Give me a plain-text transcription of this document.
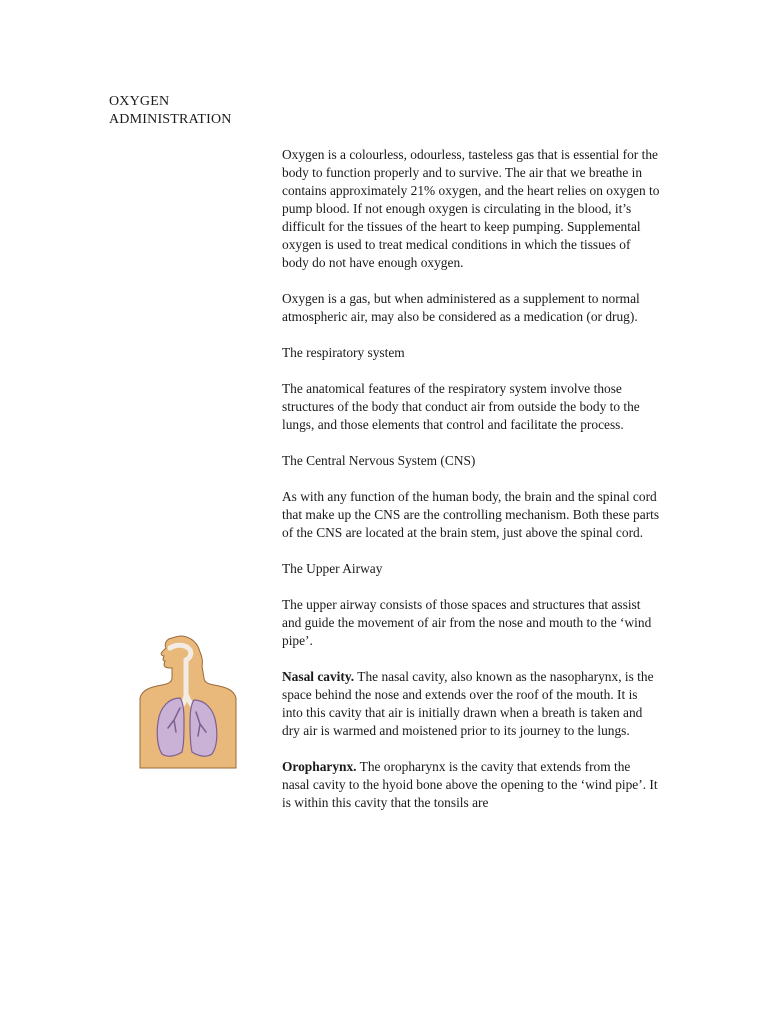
OXYGEN
ADMINISTRATION

Oxygen is a colourless, odourless, tasteless gas that is essential for the body to function properly and to survive. The air that we breathe in contains approximately 21% oxygen, and the heart relies on oxygen to pump blood. If not enough oxygen is circulating in the blood, it’s difficult for the tissues of the heart to keep pumping. Supplemental oxygen is used to treat medical conditions in which the tissues of body do not have enough oxygen.

Oxygen is a gas, but when administered as a supplement to normal atmospheric air, may also be considered as a medication (or drug).

The respiratory system

The anatomical features of the respiratory system involve those structures of the body that conduct air from outside the body to the lungs, and those elements that control and facilitate the process.

The Central Nervous System (CNS)

As with any function of the human body, the brain and the spinal cord that make up the CNS are the controlling mechanism. Both these parts of the CNS are located at the brain stem, just above the spinal cord.

The Upper Airway

The upper airway consists of those spaces and structures that assist and guide the movement of air from the nose and mouth to the ‘wind pipe’.

Nasal cavity. The nasal cavity, also known as the nasopharynx, is the space behind the nose and extends over the roof of the mouth. It is into this cavity that air is initially drawn when a breath is taken and dry air is warmed and moistened prior to its journey to the lungs.

Oropharynx. The oropharynx is the cavity that extends from the nasal cavity to the hyoid bone above the opening to the ‘wind pipe’. It is within this cavity that the tonsils are
